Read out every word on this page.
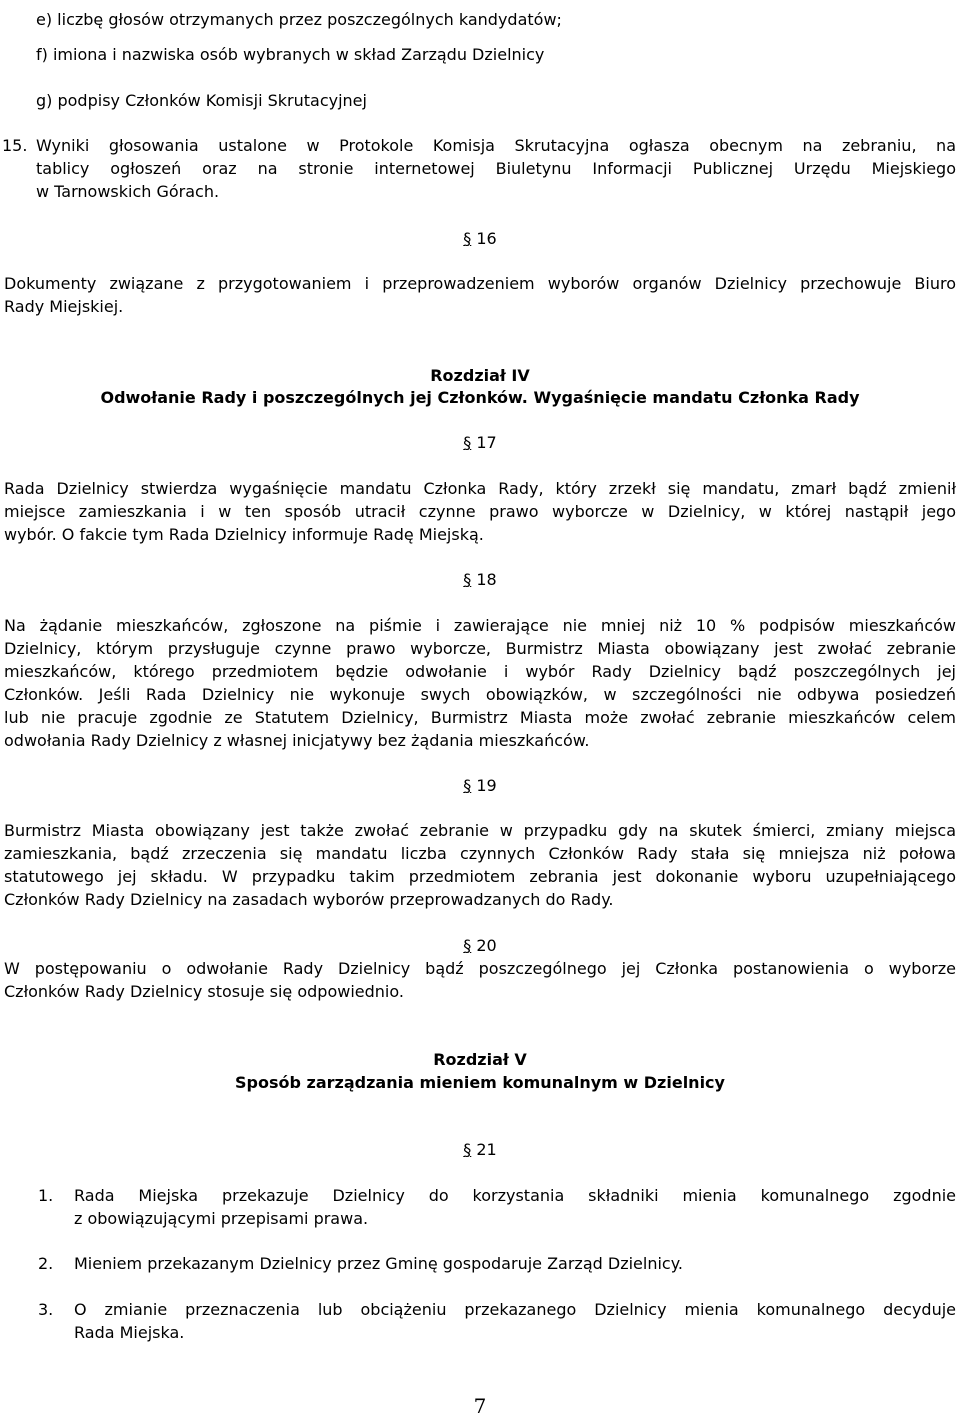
e) liczbę głosów otrzymanych przez poszczególnych kandydatów;
f) imiona i nazwiska osób wybranych w skład Zarządu Dzielnicy
g) podpisy Członków Komisji Skrutacyjnej
15. Wyniki głosowania ustalone w Protokole Komisja Skrutacyjna ogłasza obecnym na zebraniu, na
tablicy ogłoszeń oraz na stronie internetowej Biuletynu Informacji Publicznej Urzędu Miejskiego
w Tarnowskich Górach.
§ 16
Dokumenty związane z przygotowaniem i przeprowadzeniem wyborów organów Dzielnicy przechowuje Biuro
Rady Miejskiej.
Rozdział IV
Odwołanie Rady i poszczególnych jej Członków. Wygaśnięcie mandatu Członka Rady
§ 17
Rada Dzielnicy stwierdza wygaśnięcie mandatu Członka Rady, który zrzekł się mandatu, zmarł bądź zmienił
miejsce zamieszkania i w ten sposób utracił czynne prawo wyborcze w Dzielnicy, w której nastąpił jego
wybór. O fakcie tym Rada Dzielnicy informuje Radę Miejską.
§ 18
Na żądanie mieszkańców, zgłoszone na piśmie i zawierające nie mniej niż 10 % podpisów mieszkańców
Dzielnicy, którym przysługuje czynne prawo wyborcze, Burmistrz Miasta obowiązany jest zwołać zebranie
mieszkańców, którego przedmiotem będzie odwołanie i wybór Rady Dzielnicy bądź poszczególnych jej
Członków. Jeśli Rada Dzielnicy nie wykonuje swych obowiązków, w szczególności nie odbywa posiedzeń
lub nie pracuje zgodnie ze Statutem Dzielnicy, Burmistrz Miasta może zwołać zebranie mieszkańców celem
odwołania Rady Dzielnicy z własnej inicjatywy bez żądania mieszkańców.
§ 19
Burmistrz Miasta obowiązany jest także zwołać zebranie w przypadku gdy na skutek śmierci, zmiany miejsca
zamieszkania, bądź zrzeczenia się mandatu liczba czynnych Członków Rady stała się mniejsza niż połowa
statutowego jej składu. W przypadku takim przedmiotem zebrania jest dokonanie wyboru uzupełniającego
Członków Rady Dzielnicy na zasadach wyborów przeprowadzanych do Rady.
§ 20
W postępowaniu o odwołanie Rady Dzielnicy bądź poszczególnego jej Członka postanowienia o wyborze
Członków Rady Dzielnicy stosuje się odpowiednio.
Rozdział V
Sposób zarządzania mieniem komunalnym w Dzielnicy
§ 21
1. Rada Miejska przekazuje Dzielnicy do korzystania składniki mienia komunalnego zgodnie
z obowiązującymi przepisami prawa.
2. Mieniem przekazanym Dzielnicy przez Gminę gospodaruje Zarząd Dzielnicy.
3. O zmianie przeznaczenia lub obciążeniu przekazanego Dzielnicy mienia komunalnego decyduje
Rada Miejska.
7
